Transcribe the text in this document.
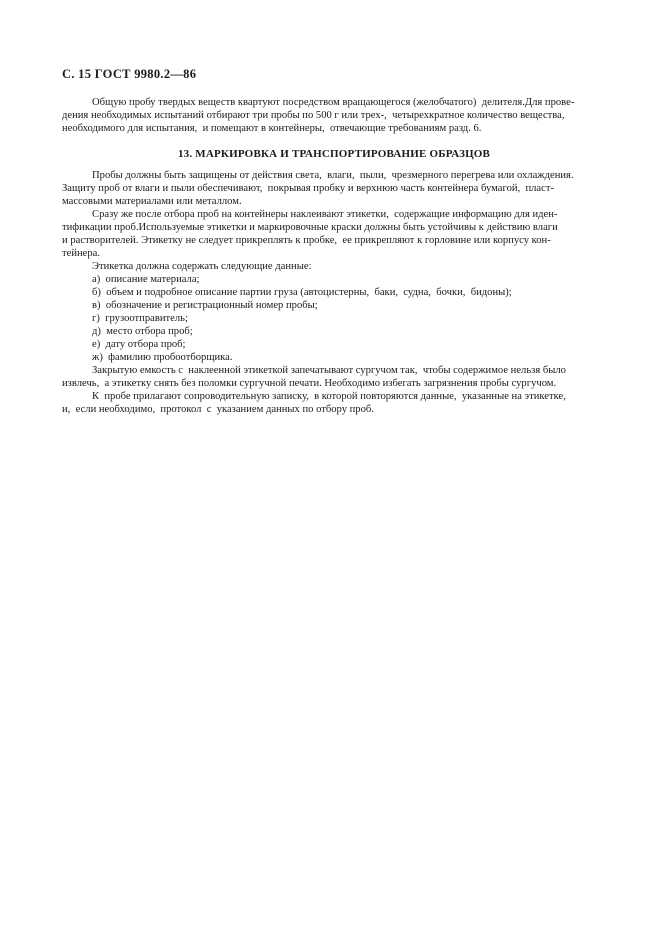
С. 15 ГОСТ 9980.2—86
Общую пробу твердых веществ квартуют посредством вращающегося (желобчатого)  делителя.Для прове-
дения необходимых испытаний отбирают три пробы по 500 г или трех-,  четырехкратное количество вещества,
необходимого для испытания,  и помещают в контейнеры,  отвечающие требованиям разд. 6.
13. МАРКИРОВКА И ТРАНСПОРТИРОВАНИЕ ОБРАЗЦОВ
Пробы должны быть защищены от действия света,  влаги,  пыли,  чрезмерного перегрева или охлаждения.
Защиту проб от влаги и пыли обеспечивают,  покрывая пробку и верхнюю часть контейнера бумагой,  пласт-
массовыми материалами или металлом.
Сразу же после отбора проб на контейнеры наклеивают этикетки,  содержащие информацию для иден-
тификации проб.Используемые этикетки и маркировочные краски должны быть устойчивы к действию влаги
и растворителей. Этикетку не следует прикреплять к пробке,  ее прикрепляют к горловине или корпусу кон-
тейнера.
Этикетка должна содержать следующие данные:
а)  описание материала;
б)  объем и подробное описание партии груза (автоцистерны,  баки,  судна,  бочки,  бидоны);
в)  обозначение и регистрационный номер пробы;
г)  грузоотправитель;
д)  место отбора проб;
е)  дату отбора проб;
ж)  фамилию пробоотборщика.
Закрытую емкость с  наклеенной этикеткой запечатывают сургучом так,  чтобы содержимое нельзя было
извлечь,  а этикетку снять без поломки сургучной печати. Необходимо избегать загрязнения пробы сургучом.
К  пробе прилагают сопроводительную записку,  в которой повторяются данные,  указанные на этикетке,
и,  если необходимо,  протокол  с  указанием данных по отбору проб.
